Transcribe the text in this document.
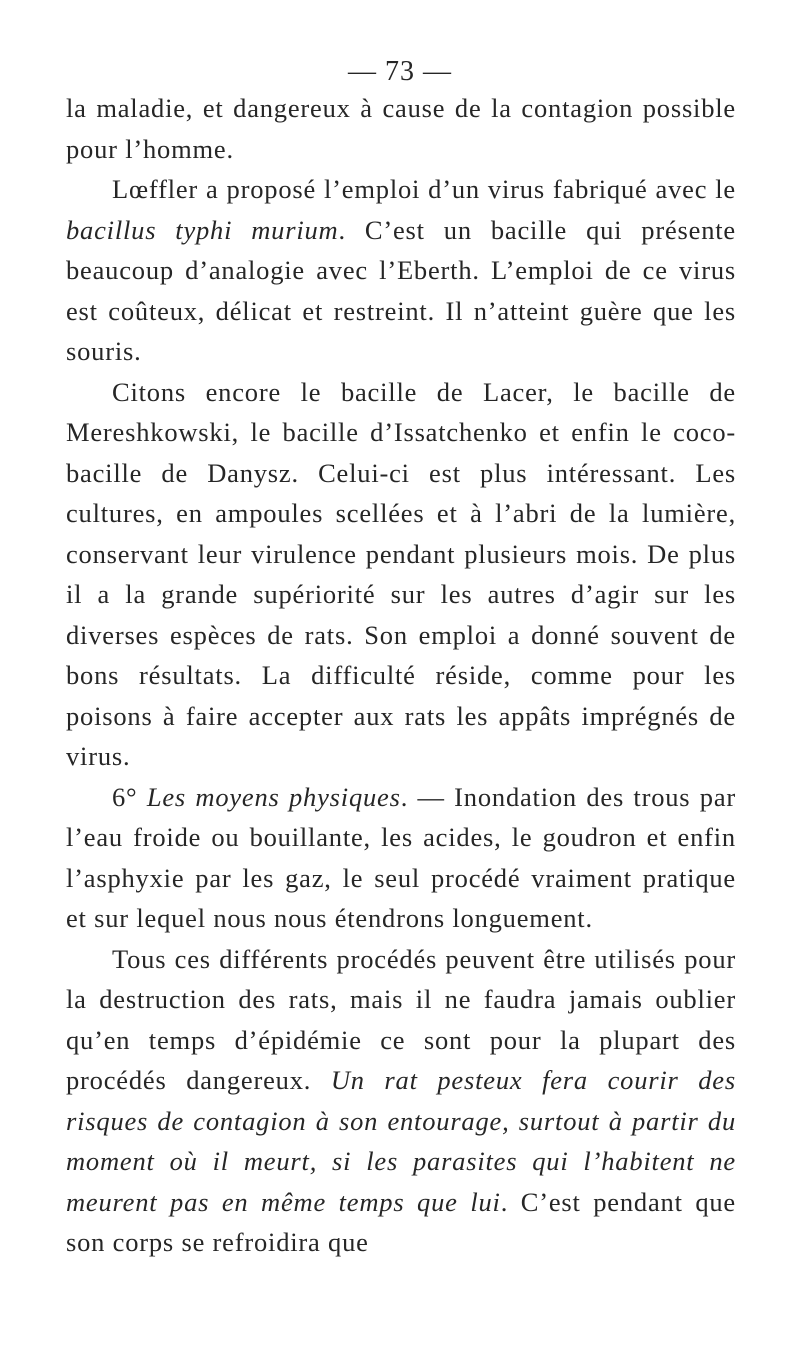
— 73 —

la maladie, et dangereux à cause de la contagion possible pour l’homme.

Lœffler a proposé l’emploi d’un virus fabriqué avec le bacillus typhi murium. C’est un bacille qui présente beaucoup d’analogie avec l’Eberth. L’emploi de ce virus est coûteux, délicat et restreint. Il n’atteint guère que les souris.

Citons encore le bacille de Lacer, le bacille de Mereshkowski, le bacille d’Issatchenko et enfin le coco-bacille de Danysz. Celui-ci est plus intéressant. Les cultures, en ampoules scellées et à l’abri de la lumière, conservant leur virulence pendant plusieurs mois. De plus il a la grande supériorité sur les autres d’agir sur les diverses espèces de rats. Son emploi a donné souvent de bons résultats. La difficulté réside, comme pour les poisons à faire accepter aux rats les appâts imprégnés de virus.

6° Les moyens physiques. — Inondation des trous par l’eau froide ou bouillante, les acides, le goudron et enfin l’asphyxie par les gaz, le seul procédé vraiment pratique et sur lequel nous nous étendrons longuement.

Tous ces différents procédés peuvent être utilisés pour la destruction des rats, mais il ne faudra jamais oublier qu’en temps d’épidémie ce sont pour la plupart des procédés dangereux. Un rat pesteux fera courir des risques de contagion à son entourage, surtout à partir du moment où il meurt, si les parasites qui l’habitent ne meurent pas en même temps que lui. C’est pendant que son corps se refroidira que
